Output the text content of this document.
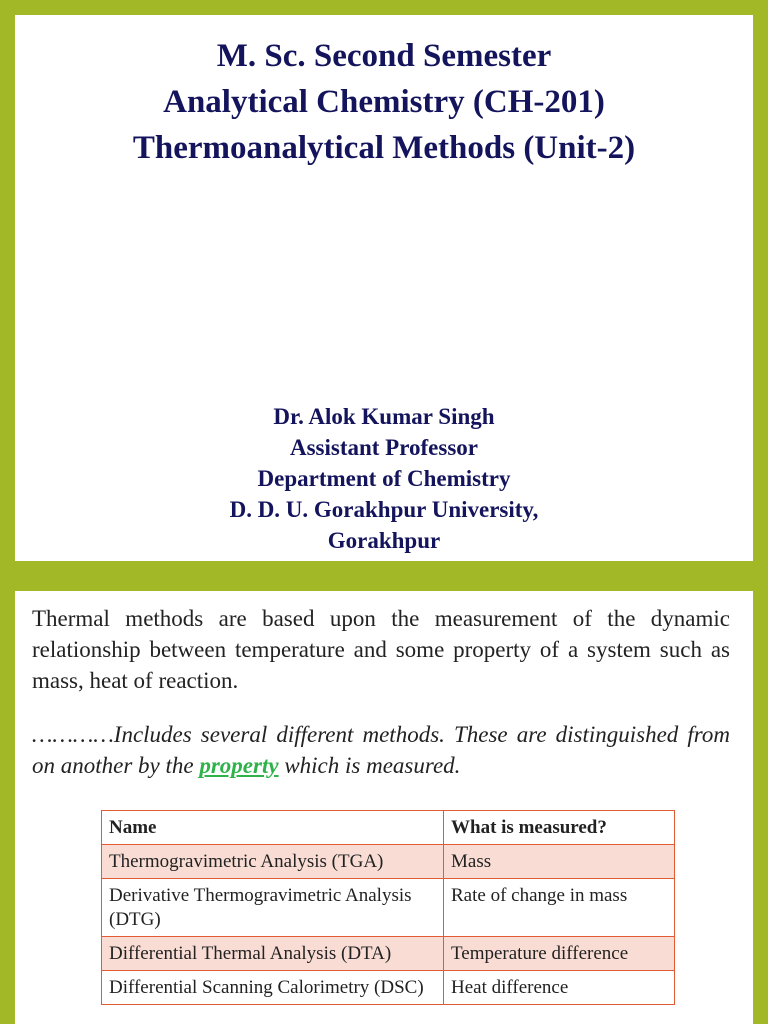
M. Sc. Second Semester
Analytical Chemistry (CH-201)
Thermoanalytical Methods (Unit-2)
Dr. Alok Kumar Singh
Assistant Professor
Department of Chemistry
D. D. U. Gorakhpur University,
Gorakhpur

Thermal methods are based upon the measurement of the dynamic relationship between temperature and some property of a system such as mass, heat of reaction.

…………Includes several different methods. These are distinguished from on another by the property which is measured.

Name	What is measured?
Thermogravimetric Analysis (TGA)	Mass
Derivative Thermogravimetric Analysis (DTG)	Rate of change in mass
Differential Thermal Analysis (DTA)	Temperature difference
Differential Scanning Calorimetry (DSC)	Heat difference
